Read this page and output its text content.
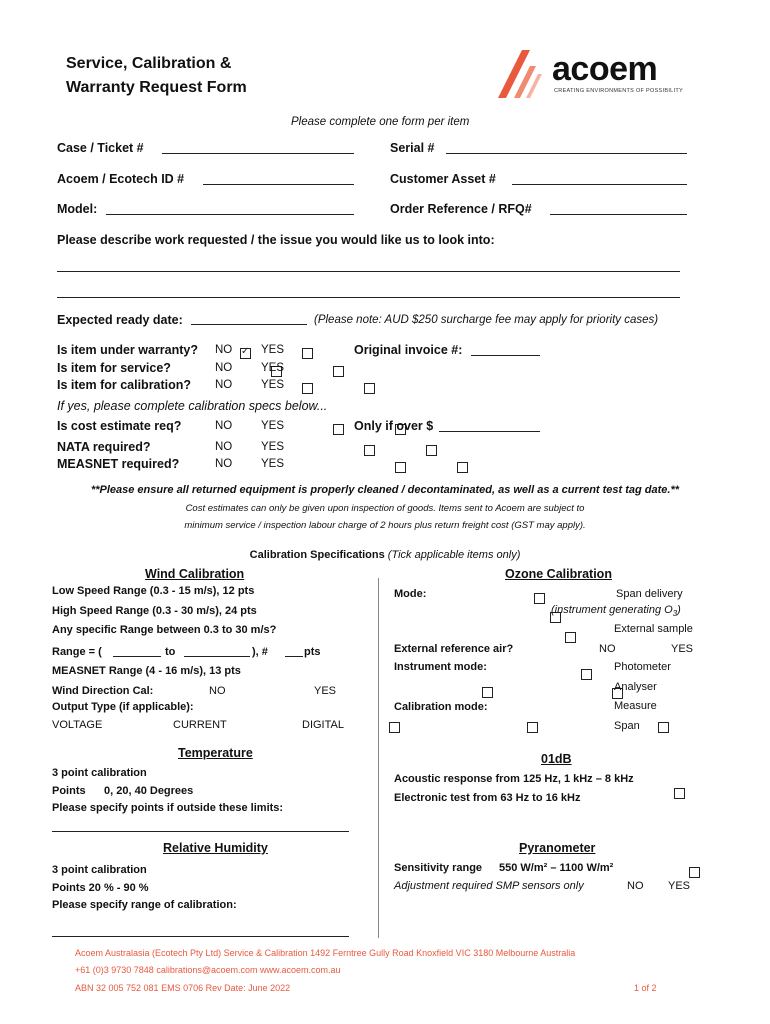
Service, Calibration &
Warranty Request Form	acoem
CREATING ENVIRONMENTS OF POSSIBILITY
Please complete one form per item
Case / Ticket #	Serial #
Acoem / Ecotech ID #	Customer Asset #
Model:	Order Reference / RFQ#
Please describe work requested / the issue you would like us to look into:
Expected ready date:	(Please note: AUD $250 surcharge fee may apply for priority cases)
Is item under warranty? NO
✓	YES
	Original invoice #:
Is item for service?	NO
	YES

Is item for calibration? NO
	YES

If yes, please complete calibration specs below...
Is cost estimate req?	NO
	YES
	Only if over $
NATA required?	NO
	YES

MEASNET required?	NO
	YES

**Please ensure all returned equipment is properly cleaned / decontaminated, as well as a current test tag date.**
Cost estimates can only be given upon inspection of goods. Items sent to Acoem are subject to
minimum service / inspection labour charge of 2 hours plus return freight cost (GST may apply).
Calibration Specifications (Tick applicable items only)
Wind Calibration
Low Speed Range (0.3 - 15 m/s), 12 pts

High Speed Range (0.3 - 30 m/s), 24 pts

Any specific Range between 0.3 to 30 m/s?

Range = (	to	), #	pts
MEASNET Range (4 - 16 m/s), 13 pts

Wind Direction Cal:	NO
	YES

Output Type (if applicable):
VOLTAGE
	CURRENT
	DIGITAL

Temperature
3 point calibration
Points 0, 20, 40 Degrees

Please specify points if outside these limits:
Relative Humidity
3 point calibration

Points 20 % - 90 %
Please specify range of calibration:
Ozone Calibration
Mode:
	Span delivery
(instrument generating $O_3$)

External sample
External reference air?	NO
	YES

Instrument mode:
	Photometer

Analyser
Calibration mode:
	Measure

Span
01dB
Acoustic response from 125 Hz, 1 kHz – 8 kHz
Electronic test from 63 Hz to 16 kHz

Pyranometer
Sensitivity range 550 W/m² – 1100 W/m²

Adjustment required SMP sensors only	NO
YES
Acoem Australasia (Ecotech Pty Ltd) Service & Calibration 1492 Ferntree Gully Road Knoxfield VIC 3180 Melbourne Australia
+61 (0)3 9730 7848 calibrations@acoem.com www.acoem.com.au
ABN 32 005 752 081 EMS 0706 Rev Date: June 2022	1 of 2
